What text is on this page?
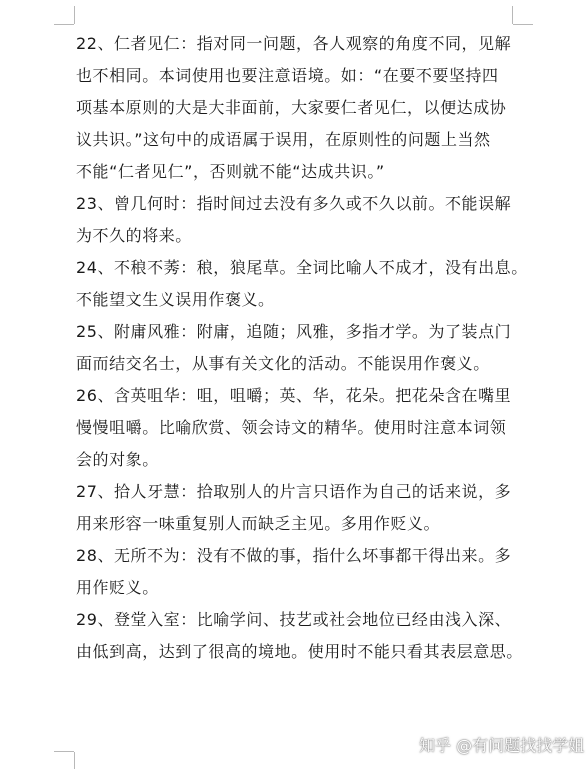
22、仁者见仁：指对同一问题，各人观察的角度不同，见解
也不相同。本词使用也要注意语境。如：“在要不要坚持四
项基本原则的大是大非面前，大家要仁者见仁，以便达成协
议共识。”这句中的成语属于误用，在原则性的问题上当然
不能“仁者见仁”，否则就不能“达成共识。”
23、曾几何时：指时间过去没有多久或不久以前。不能误解
为不久的将来。
24、不稂不莠：稂，狼尾草。全词比喻人不成才，没有出息。
不能望文生义误用作褒义。
25、附庸风雅：附庸，追随；风雅，多指才学。为了装点门
面而结交名士，从事有关文化的活动。不能误用作褒义。
26、含英咀华：咀，咀嚼；英、华，花朵。把花朵含在嘴里
慢慢咀嚼。比喻欣赏、领会诗文的精华。使用时注意本词领
会的对象。
27、拾人牙慧：拾取别人的片言只语作为自己的话来说，多
用来形容一味重复别人而缺乏主见。多用作贬义。
28、无所不为：没有不做的事，指什么坏事都干得出来。多
用作贬义。
29、登堂入室：比喻学问、技艺或社会地位已经由浅入深、
由低到高，达到了很高的境地。使用时不能只看其表层意思。
知乎 @有问题找找学姐
